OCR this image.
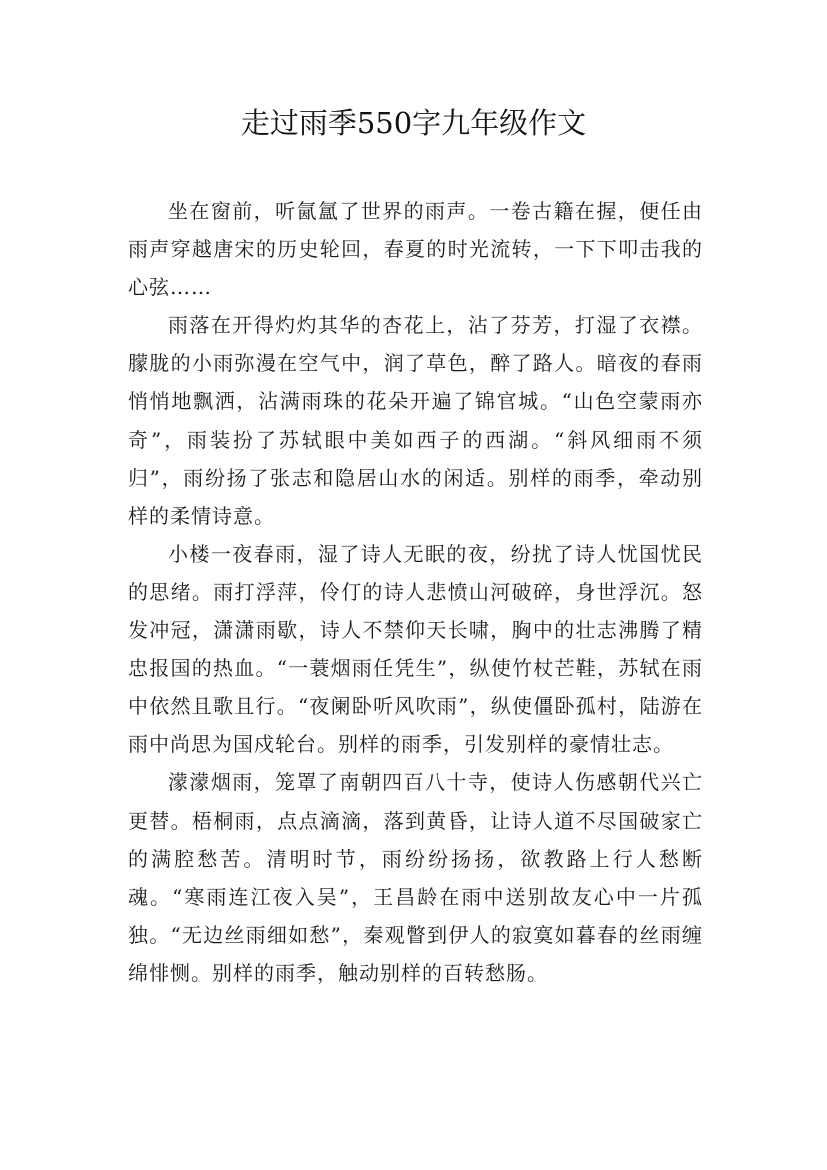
走过雨季550字九年级作文

坐在窗前，听氤氲了世界的雨声。一卷古籍在握，便任由雨声穿越唐宋的历史轮回，春夏的时光流转，一下下叩击我的心弦……

雨落在开得灼灼其华的杏花上，沾了芬芳，打湿了衣襟。朦胧的小雨弥漫在空气中，润了草色，醉了路人。暗夜的春雨悄悄地飘洒，沾满雨珠的花朵开遍了锦官城。“山色空蒙雨亦奇”，雨装扮了苏轼眼中美如西子的西湖。“斜风细雨不须归”，雨纷扬了张志和隐居山水的闲适。别样的雨季，牵动别样的柔情诗意。

小楼一夜春雨，湿了诗人无眠的夜，纷扰了诗人忧国忧民的思绪。雨打浮萍，伶仃的诗人悲愤山河破碎，身世浮沉。怒发冲冠，潇潇雨歇，诗人不禁仰天长啸，胸中的壮志沸腾了精忠报国的热血。“一蓑烟雨任凭生”，纵使竹杖芒鞋，苏轼在雨中依然且歌且行。“夜阑卧听风吹雨”，纵使僵卧孤村，陆游在雨中尚思为国戍轮台。别样的雨季，引发别样的豪情壮志。

濛濛烟雨，笼罩了南朝四百八十寺，使诗人伤感朝代兴亡更替。梧桐雨，点点滴滴，落到黄昏，让诗人道不尽国破家亡的满腔愁苦。清明时节，雨纷纷扬扬，欲教路上行人愁断魂。“寒雨连江夜入吴”，王昌龄在雨中送别故友心中一片孤独。“无边丝雨细如愁”，秦观瞥到伊人的寂寞如暮春的丝雨缠绵悱恻。别样的雨季，触动别样的百转愁肠。
